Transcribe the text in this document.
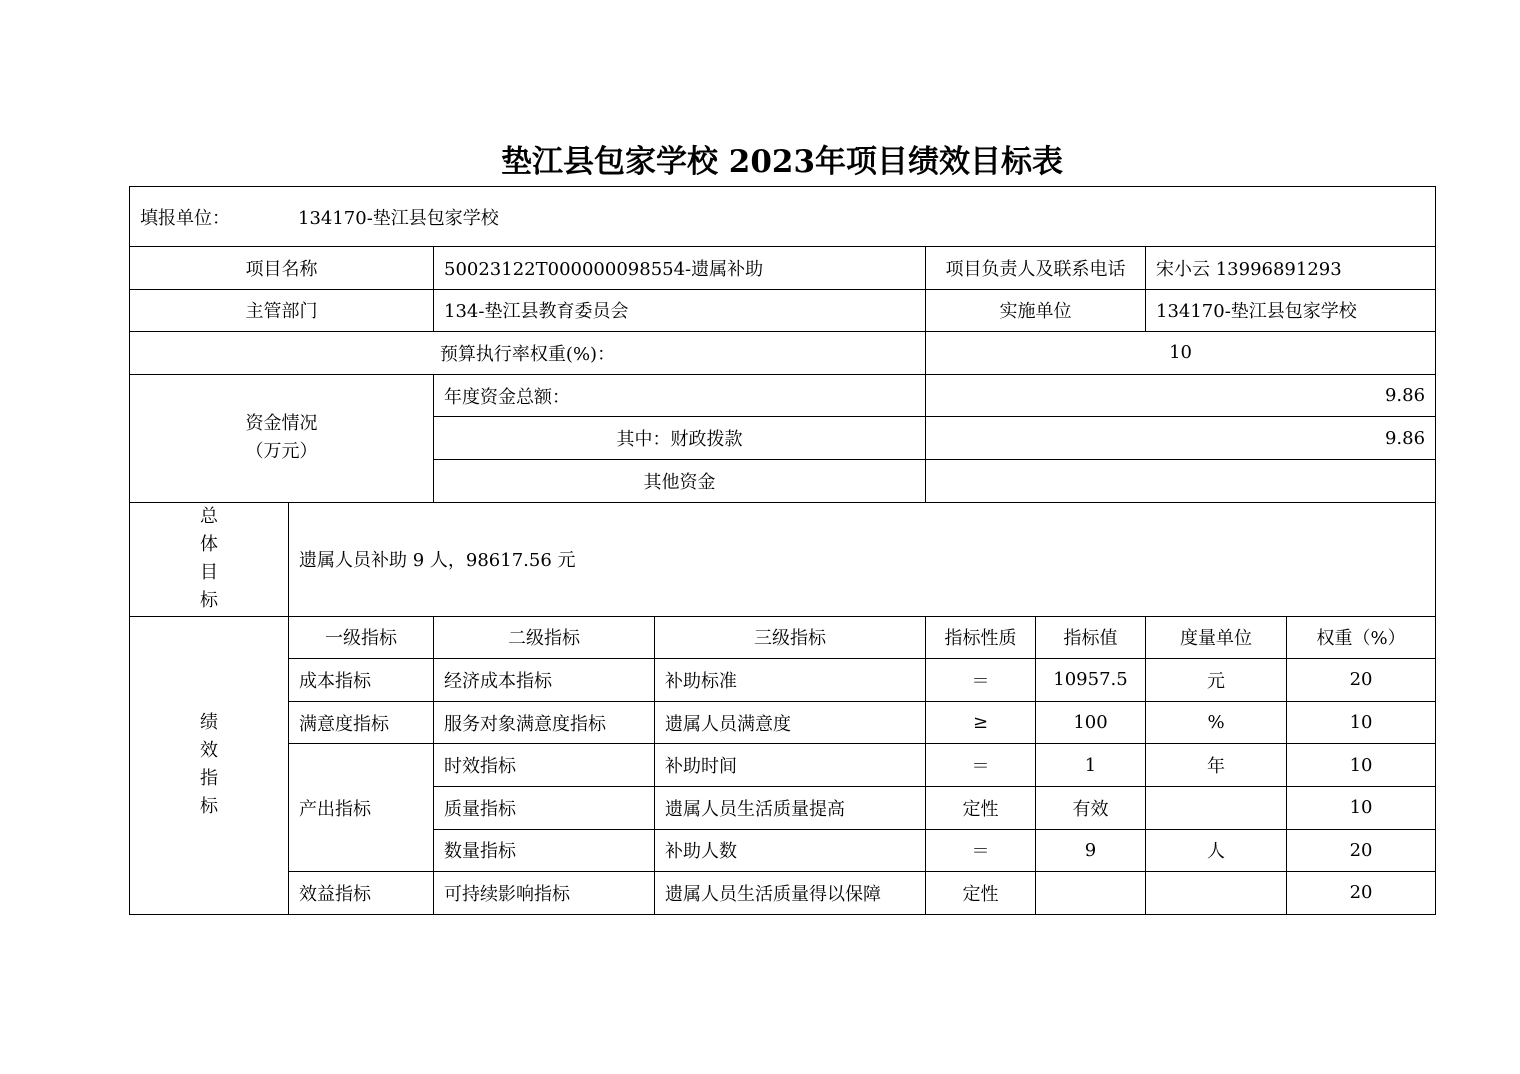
垫江县包家学校 2023年项目绩效目标表
填报单位： 134170-垫江县包家学校							
项目名称		50023122T000000098554-遗属补助		项目负责人及联系电话		宋小云 13996891293	
主管部门		134-垫江县教育委员会		实施单位		134170-垫江县包家学校	
预算执行率权重(%)：				10			

资金情况
（万元）		年度资金总额：		9.86			
		其中：财政拨款		9.86			
		其他资金					

总
体
目
标	遗属人员补助 9 人，98617.56 元						

绩
效
指
标	一级指标	二级指标	三级指标	指标性质	指标值	度量单位	权重（%）
	成本指标	经济成本指标	补助标准	＝	10957.5	元	20
	满意度指标	服务对象满意度指标	遗属人员满意度	≥	100	%	10
	产出指标	时效指标	补助时间	＝	1	年	10
		质量指标	遗属人员生活质量提高	定性	有效		10
		数量指标	补助人数	＝	9	人	20
	效益指标	可持续影响指标	遗属人员生活质量得以保障	定性			20
